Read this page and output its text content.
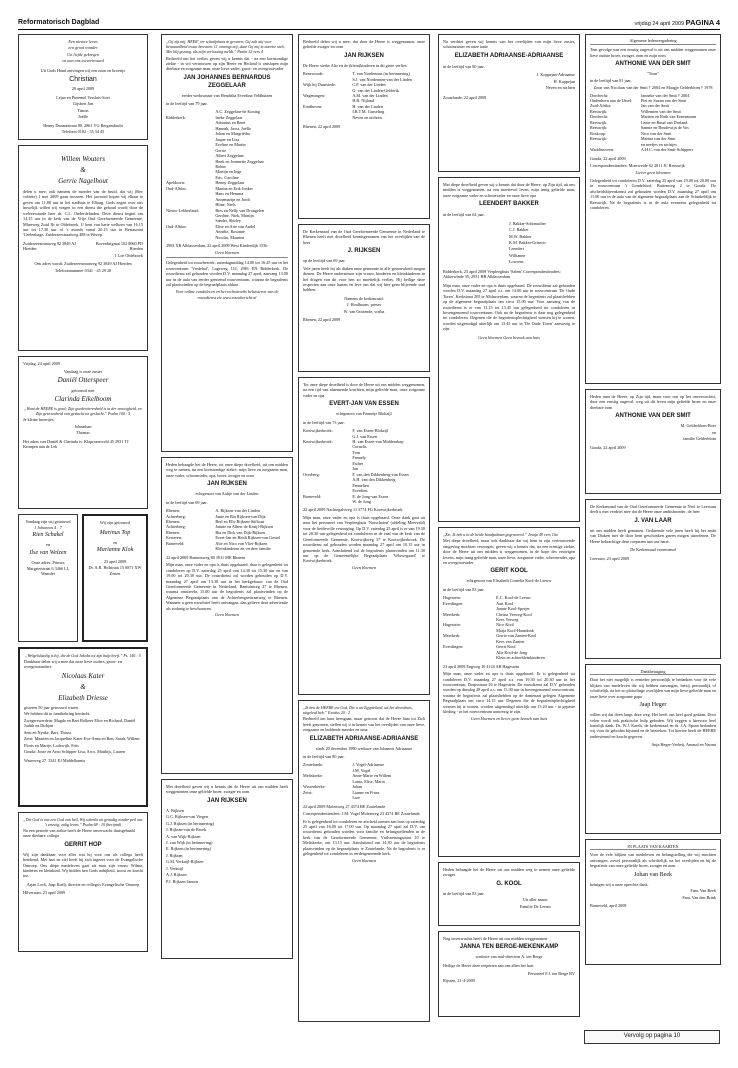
Reformatorisch Dagblad	vrijdag 24 april 2009 PAGINA 4

Een nieuwe leven

een groot wonder

Uit liefde gekregen

en aan ons toevertrouwd

Uit Gods Hand ontvingen wij een zoon en broertje

Christian

20 april 2009

Lejan en Pietemel Versluis-Soet

Gijsbert Jan

Timon

Joëlle

Henny Dunantstraat 80, 2861 VG Bergambacht

Telefoon 0182 - 35 34 45

Willem Wouters
&
Gerrie Nagelhout

delen u mee, ook namens de moeder van de bruid, dat wij (Bev volente) 1 mei 2009 gaan trouwen. Het jawoord hopen wij elkaar te geven om 11.00 uur in het stadhuis te Elburg. Gods zegen over ons huwelijk willen wij vragen in een dienst die gehoud wordt door de weleerwaarde heer ds. C.L. Onderdelinden. Deze dienst begint om 14.15 uur in de kerk van de Vrije Oud Gereformeerde Gemeente, Mheeweg Zuid 3b te Oldebroek. U bent van harte welkom van 16.15 uur tot 17.30 uur of 's avonds vanaf 20.15 uur in Restaurant 'Ceelenhage, Zuiderzeestraatweg 488 te Wezep.

Zuiderzeestraatweg 92 3849 AJ Hierden
Bovenbrigmat 102 8060 PD Hierden

1 Loe Oldebroek

Ons adres wordt: Zuiderzeestraatweg 92 3849 AJ Hierden

Telefoonnummer 0341 - 45 29 28

Vrijdag, 24 april 2009

Vandaag is onze zuster

Daniël Otterspeer

getrouwd met

Clarinda Eikelboom

„Want de HEERE is goed; Zijn goedertierenheid is in der eeuwigheid, en Zijn getrouwheid van geslacht tot geslacht.” Psalm 100 : 5

Je kleine broertjes,

Johnathan

Thomas

Het adres van Daniël & Clarinda is: Klaprozenveld 45 2931 TJ Krimpen aan de Lek

Vandaag zijn wij getrouwd

1 Johannes 4 : 7

Rien Schakel

en

Ilse van Welzen

Onze adres: Prinses Margrietstraat 6 3466 LL Waarder

Wij zijn getrouwd

Marinus Top

en

Marianne Klok

23 april 2009

Dr. A.R. Holstraat 15 6871 XW Zetten

„Welgelukzalig is hij, die de God Jakobs tot zijn hulp heeft.” Ps. 146 : 5

Dankbaar delen wij u mee dat onze lieve ouders, groot- en overgrootouders

Nicolaas Kater
&
Elizabeth Driesse

gisteren 50 jaar getrouwd waren.

We hebben dit in familiekring herdacht.

Zwagerswerdein: Magda en Bart Bolkeer Elise en Richard, Daniël Judith en Dirkjan

Sem en Nynke, Bart, Thirza

Zeist: Maarten en Jacqueline Kater Eva-Anna en Ben, Sarah, Willem

Floris en Marije, Lodewijk, Frits

Gouda: Jooie en Arno Schipper Lisa, Arco, Matthijs, Lauren

Waterweg 27, 3341 EJ Middelharnis

„Die God is ons een God van heil, Wij schenkt uit genadig zonder peil ons 't eeuwig, zalig leven.” Psalm 68 : 10 (berijmd)

Na een periode van ziekte heeft de Heere onverwacht thuisgehaald onze dierbare collega

GERRIT HOP

Wij zijn dankbaar voor alles wat hij voor ons als collega heeft betekend. Met hart en ziel heeft hij zich ingezet voor de Evangelische Omroep. Ons diepe medeleven gaat uit naar zijn vrouw Wilma, kinderen en kleinkind. Wij bidden hen Gods nabijheid, troost en kracht toe.

Arjan Lock, Jaap Koelj, directie en collega's Evangelische Omroep

Hilversum, 23 april 2009

„Gij zijt mij, HEER', ter schuilplaats in gevaren; Gij zult mij voor benauwdheid trouw bewaren. G' omringt mij, daar Gij mij in nueeite stelt, Met blij gezang, als mijn verlossing meldt.” Psalm 32 vers 4

Bedroefd om het verlies geven wij u kennis dat - na een kortstondige ziekte - in vol vertrouwen op zijn Heere en Heiland is ontslapen mijn dierbare en zorgzame man, onze lieve vader, groot- en overgrootvader

JAN JOHANNES BERNARDUS ZEGGELAAR

eerder weduwnaar van Hendrika Everdina Veldhuizen

in de leeftijd van 79 jaar.

A.C. Zeggelaar-de Koning
Ridderkerk:	Ineke Zeggelaar
Adrianus en Bené
Hannah, Joost, Joëlle
Johan en Margriëtho
Jasper en Lisa
Eveline en Martin
Gerrie
Albert Zeggelaar
Henk en Jeannette Zeggelaar
Robin
Martijn en Inge
Eric, Caroline
Apeldoorn:	Henny Zeggelaar
Oud-Alblas:	Marina en Erik Jonker
Hans en Hemma
Annemarijn en Jordi
Hiine, Niels
Nieuw-Lekkerland:	Ries en Nelly van Drongelen
Gerdine, Niek, Martijn
Sander, Shirley
Oud-Alblas:	Elise en Arie van Andel
Anneke, Rosanne
Nicolas, Maarten

2983 XR Alblasserdam, 22 april 2009 West Kinderdijk 153b

Geen bloemen

Gelegenheid tot rouwbezoek: zaterdagmiddag 14.00 tot 16.45 uur in het rouwcentrum 'Vredehof', Lageweg 114, 2981 EN Ridderkerk. De rouwdienst zal gehouden worden D.V. maandag 27 april, aanvang 13.00 uur in de aula van eerder genoemd rouwcentrum, waarna de begrafenis zal plaatsvinden op de begraafplaats aldaar.

Voor online condoleren en het rechtstreeks beluisteren van de rouwdienst zie www.rouwbericht.nl

Heden behaagde het de Heere, tot onze diepe droefheid, uit ons midden weg te nemen, na een kortstondige ziekte, mijn lieve en zorgzame man, onze vader, schoonvader, opa, broer, zwager en oom

JAN RIJKSEN

echtgenoot van Aaltje van der Linden

in de leeftijd van 69 jaar.

Rhenen:	A. Rijksen-van der Linden
Achterberg:	Janie en Bia Rijksen-van Dijk
Rhenen:	Berl en Elly Rijksen-Süfhout
Achterberg:	Jannie en Albert de Kruijf-Rijksen
Rhenen:	Bia en Dick van Dijk-Rijksen
Kesteren:	Evert-Jan en Heidi Rijksen-van Gessel
Barneveld:	Alie en Nico van Vliet-Rijksen
Kleinkinderen en verdere familie

22 april 2009 Bantuinweg 80 3911 ME Rhenen

Mijn man, onze vader en opa is thuis opgebaard, daar is gelegenheid tot condoleren op D.V. zaterdag 25 april van 14.30 tot 15.30 uur en van 19.00 tot 20.30 uur. De rouwdienst zal worden gehouden op D.V. maandag 27 april om 13.30 uur in het kerkgebouw van de Oud Gereformeerde Gemeente in Nederland, Bantuinweg 27 te Rhenen, waarna omstreeks 15.00 uur de begrafenis zal plaatsvinden op de Algemene Begraafplaats aan de Achterbergsestraatweg te Rhenen. Wanneer u geen rouwbrief heeft ontvangen, dan gelieve deze advertentie als zodanig te beschouwen.

Geen bloemen

Met droefheid geven wij u kennis dat de Heere uit ons midden heeft weggenomen onze geliefde broer, zwager en oom

JAN RIJKSEN

A. Rijksen

G.C. Rijksen-van Viegen

G.J. Rijksen (in herinnering)

J. Rijksen-van de Broek

A. van Wijk-Rijksen

J. van Wijk (in herinnering)

E. Rijksen (in herinnering)

J. Rijksen

G.M. Verkuijl-Rijksen

J. Verkuijl

A.J. Rijksen

P.J. Rijksen-Jansen

Bedroefd delen wij u mee, dat door de Heere is weggenomen, onze geliefde zwager en oom

JAN RIJKSEN

De Heere sterke Alie en de (klein)kinderen in dit grote verlies.

Renswoude:	T. van Nordennen (in herinnering)
S.J. van Nordennen-van der Linden
Wijk bij Duurstede:	C.F. van der Linden
G. van der Linden-Gelderik
Wageningen:	A.M. van der Linden
H.B. Nijland
Eindhoven:	H. van der Linden
I.B.T.M. Gasseling
Neven en nichten

Rhenen, 22 april 2009

De Kerkenraad van de Oud Gereformeerde Gemeente in Nederland te Rhenen heeft met droefheid kennisgenomen van het overlijden van de heer

J. RIJKSEN

op de leeftijd van 69 jaar.

Vele jaren heeft hij als diaken onze gemeente in alle getrouwheid mogen dienen. De Heere ondersteune zijn vrouw, kinderen en kleinkinderen in het dragen van dit voor hen zo moeitelijk verlies. Hij heilige deze respecten aan onze harten en leve ons dat wij hier geen blijvende stad hebben.

Namens de kerkenraad:

J. Hoolboom, preses

W. van Oostende, scriba

Rhenen, 22 april 2009

Tot onze diepe droefheid is door de Heere uit ons midden weggenomen, na een tijd van afnemende krachten, mijn geliefde man, onze zorgzame vader en opa

EVERT-JAN VAN ESSEN

echtgenoot van Fennetje Blokzijl

in de leeftijd van 73 jaar.

Kootwijkerbroek:	F. van Essen-Blokzijl
G.J. van Essen
Kootwijkerbroek:	H. van Essen-van Middendorp
Cornelis
Tom
Fennely
Esther
Jan
Overberg:	F. van den Dikkenberg-van Essen
A.H. van den Dikkenberg
Fennelien
Everdien
Barneveld:	E. de Jong-van Essen
W. de Jong

22 april 2009 Nachtegalsweg 11 3774 PG Kootwijkerbroek

Mijn man, onze vader en opa is thuis opgebaard. Onze dank gaat uit naar het personeel van Verpleeghuis 'Norschoten' (afdeling Meerveld) voor de liefdevolle verzorging. Op D.V. zaterdag 25 april is er van 19.30 tot 20.30 uur gelegenheid tot condoleren in de zaal van de kerk van de Gereformeerde Gemeente, Kootwijkweg 57 te Kootwijkerbroek. De rouwdienst zal gehouden worden maandag 27 april om 10.15 uur in genoemde kerk. Aansluitend zal de begrafenis plaatsvinden om 11.30 uur op de Gemeentelijke Begraafplaats 'Veluwegaard' te Kootwijkerbroek.

Geen bloemen

„Ik ben de HEERE uw God, Die u uit Egypteland, uit het diensthuis, uitgeleid heb.” Exodus 20 : 2

Bedroefd om haar heengaan, maar getroost dat de Heere haar tot Zich heeft genomen, stellen wij u in kennis van het overlijden van onze lieve, zorgzame en biddende moeder en oma

ELIZABETH ADRIAANSE-ADRIAANSE

sinds 20 december 1990 weduwe van Johannis Adriaanse

in de leeftijd van 80 jaar.

Zoutelande:	J. Vogel-Adriaanse
J.M. Vogel
Meliskerke:	Anne-Marie en Willem
Laura, Elise, Maria
Wissenkerke:	Johan
Zeist:	Lianne en Frans
Lize

22 april 2009 Molenweg 27 4374 BE Zoutelande

Correspondentieadres: J.M. Vogel Molenweg 23 4374 BE Zoutelande

Er is gelegenheid tot condoleren en afscheid nemen aan huis op zaterdag 25 april van 16.00 tot 17.00 uur. Op maandag 27 april zal D.V. om rouwdienst gehouden worden voor familie en belangstellenden in de kerk van de Gereformeerde Gemeente, Vuilsnetsingstraat 10 te Meliskerke, om 13.15 uur. Aansluitend om 14.30 uur de begrafenis plaatsvinden op de begraafplaats te Zoutelande. Na de begrafenis is er gelegenheid tot condoleren in eerdergenoemde kerk.

Geen bloemen

Na verdriet geven wij kennis van het overlijden van mijn lieve zuster, schoonzuster en onze tante

ELIZABETH ADRIAANSE-ADRIAANSE

in de leeftijd van 80 jaar.

J. Koppejan-Adriaanse

H. Koppejan

Neven en nichten

Zoutelande, 22 april 2009

Met diepe droefheid geven wij u kennis dat door de Heere, op Zijn tijd, uit ons midden is weggenomen, na een moeitevol leven, mijn innig geliefde man, onze zorgzame vader en schoonvader en onze lieve opa

LEENDERT BAKKER

in de leeftijd van 64 jaar.

J. Bakker-Schimacher

C.J. Bakker

M.W. Bakker

K.M. Bakker-Grinwis

Leendert

Willianne

Lowrens

Ridderkerk, 23 april 2009 Verpleeghuis 'Salem' Correspondentieadres: Akkerwinde 35, 2931 HB Alblasserdam

Mijn man, onze vader en opa is thuis opgebaard. De rouwdienst zal gehouden worden D.V. maandag 27 april a.s. om 14.00 uur in rouwcentrum 'De Oude Toren', Kerkstraat 205 te Alblasserdam, waarna de begrafenis zal plaatshebben op de algemene begraafplaats om circa 15.00 uur. Voor aanvang van de rouwdienst is er van 13.15 tot 13.45 uur gelegenheid tot condoleren in bovengenoemd rouwcentrum. Ook na de begrafenis is daar nog gelegenheid tot condoleren. Degenen die de begrafenisplechtigheid wensen bij te wonen, worden uitgenodigd uiterlijk om 13.45 uur in 'De Oude Toren' aanwezig te zijn.

Geen bloemen Geen bezoek aan huis

„Zie, Ik heb u in de beide handpalmen gegraveerd.” Jesaja 49 vers 16a

Met diepe droefheid, maar ook dankbaar dat wij hem in zijn vertrouwende omgeving mochten verzorgen, geven wij u kennis dat, na een ernstige ziekte, door de Heere uit ons midden is weggenomen, in de hope des eeuwigen levens, mijn innig geliefde man, onze lieve, zorgzame vader, schoonvader, opa en overgrootvader

GERIT KOOL

echtgenoot van Elisabeth Cornelia Kool-de Leeuw

in de leeftijd van 83 jaar.

Hagestein:	E.C. Kool-de Leeuw
Everdingen:	Aart Kool
Jannie Kool-Sperjer
Meerkerk:	Christa Verweg-Kool
Kees Verweg
Hagestein:	Nico Kool
Marja Kool-Haasdonk
Meerkerk:	Gerrie van Zanten-Kool
Kees van Zanten
Everdingen:	Gerrit Kool
Alie Kool-de Jong
Klein en achterkleinkinderen

23 april 2009 Engweg 10 4124 AB Hagestein

Mijn man, onze vader en opa is thuis opgebaard. Er is gelegenheid tot condoleren D.V. maandag 27 april a.s. van 19.30 tot 20.30 uur in het rouwcentrum, Dorpsstraat 26 te Hagestein. De rouwdienst zal D.V. gehouden worden op dinsdag 28 april a.s. om 13.30 uur in bovengenoemd rouwcentrum, waarna de begrafenis zal plaatshebben op de dantenaat gelegen Algemene Begraafplaats om circa 14.15 uur. Degenen die de begrafenisplechtigheid wensen bij te wonen, worden uitgenodigd uiterlijk om 13.20 uur - in gepaste kleding - in het rouwcentrum aanwezig te zijn.

Geen bloemen en liever geen bezoek aan huis

Heden behaagde het de Heere uit ons midden weg te nemen onze geliefde zwager

G. KOOL

in de leeftijd van 83 jaar.

Uit aller naam:

Familie De Leeuw

Nog onverwachts heeft de Heere uit ons midden weggenomen

JANNA TEN BERGE-MEKENKAMP

weduwe van mul-directeur A. ten Berge

Heilige de Heere deze reeperten aan ons allen het hart.

Personeel F.J. ten Berge BV

Rijssen, 21-4-2009

Algemene ledenvergadering

Tem gevolge van een ernstig ongeval is uit ons midden weggenomen onze lieve oudste broer, zwager, oom en mijn oom

ANTHONIE VAN DER SMIT

"Toon"

in de leeftijd van 81 jaar,

Zoon van Nicolaas van der Smit † 2004 en Maagje Gelderblom † 1978

Dordrecht:	Janneke van der Smit † 2004
Oudenhorn aan de IJssel:	Piet en Suzan van der Smit
Zuid-Afrika:	Jan van der Smit
Reeuwijk:	Willemien van der Smit
Dordrecht:	Martien en Ruth van Eenennaam
Reeuwijk:	Lenie en Ruud van Dorland
Reeuwijk:	Sannie en Boudewijn de Vos
Boskoop:	Nico van der Smit
Reeuwijk:	Marina van der Smit
en neefjes en nichtjes
Waddinxveen:	A.H.C. van der Smit-Schippers

Gouda, 22 april 2009

Correspondentieadres: Moerweide 62 2811 JC Reeuwijk

Liever geen bloemen

Gelegenheid tot condoleren D.V. zaterdag 25 april van 19.00 tot 20.00 uur in rouwcentrum 't Gondelshof, Buitenweg 2 te Gouda. De afscheidsbijeenkomst zal gehouden worden D.V. maandag 27 april om 11.00 uur in de aula van de algemene begraafplaats aan de Schinkeldijk te Reeuwijk. Na de begrafenis is in de aula eveneens gelegenheid tot condoleren.

Heden nam de Heere, op Zijn tijd, maar voor ons op het onverwachtst, door een ernstig ongeval, weg uit dit leven mijn geliefde broer en onze dierbare oom

ANTHONIE VAN DER SMIT

M. Gelderblom-Boer

en

familie Gelderblom

Gouda, 22 april 2009

De Kerkenraad van de Oud Gereformeerde Gemeente in Ned. te Leersum deelt u met verdriet mee dat de Heere onze ambtsbroeder, de heer

J. VAN LAAR

uit ons midden heeft genomen. Gedurende vele jaren heeft hij het ambt van Diaken met de door hem geschonken gaven mogen uitoefenen. De Heere bekrachtige deze roepstem aan ons harte.

De Kerkenraad voornoemd

Leersum, 23 april 2009

Dankbetuiging

Daar het niet mogelijk is eenieder persoonlijk te bedanken voor de vele blijken van medeleven die wij hebben ontvangen, hetzij persoonlijk of schriftelijk, na het zo plotselinge overlijden van mijn lieve geliefde man en onze lieve over zorgzame papa

Jaap Heger

willen wij dat doen langs deze weg. Het heeft ons heel goed gedaan. Door velen wordt ook praktische hulp geboden. Wij zeggen u hiervoor heel hartelijk dank. Ds. W.J. Karels, de kerkenraad en dr. J.A. Spaan bedanken wij voor de geboden bijstand en de bezoeken. Tot hiertoe heeft de HEERE ondersteund en kracht gegeven.

Anja Heger-Verheij, Arnaud en Naomi

IN PLAATS VAN KAARTEN

Voor de vele blijken van medeleven en belangstelling die wij mochten ontvangen, zowel persoonlijk als schriftelijk, na het overlijden en bij de begrafenis van onze geliefde broer, zwager en oom

Johan van Beek

betuigen wij u onze oprechte dank.

Fam. Van Beek

Fam. Van den Brink

Barneveld, april 2009

Vervolg op pagina 10
